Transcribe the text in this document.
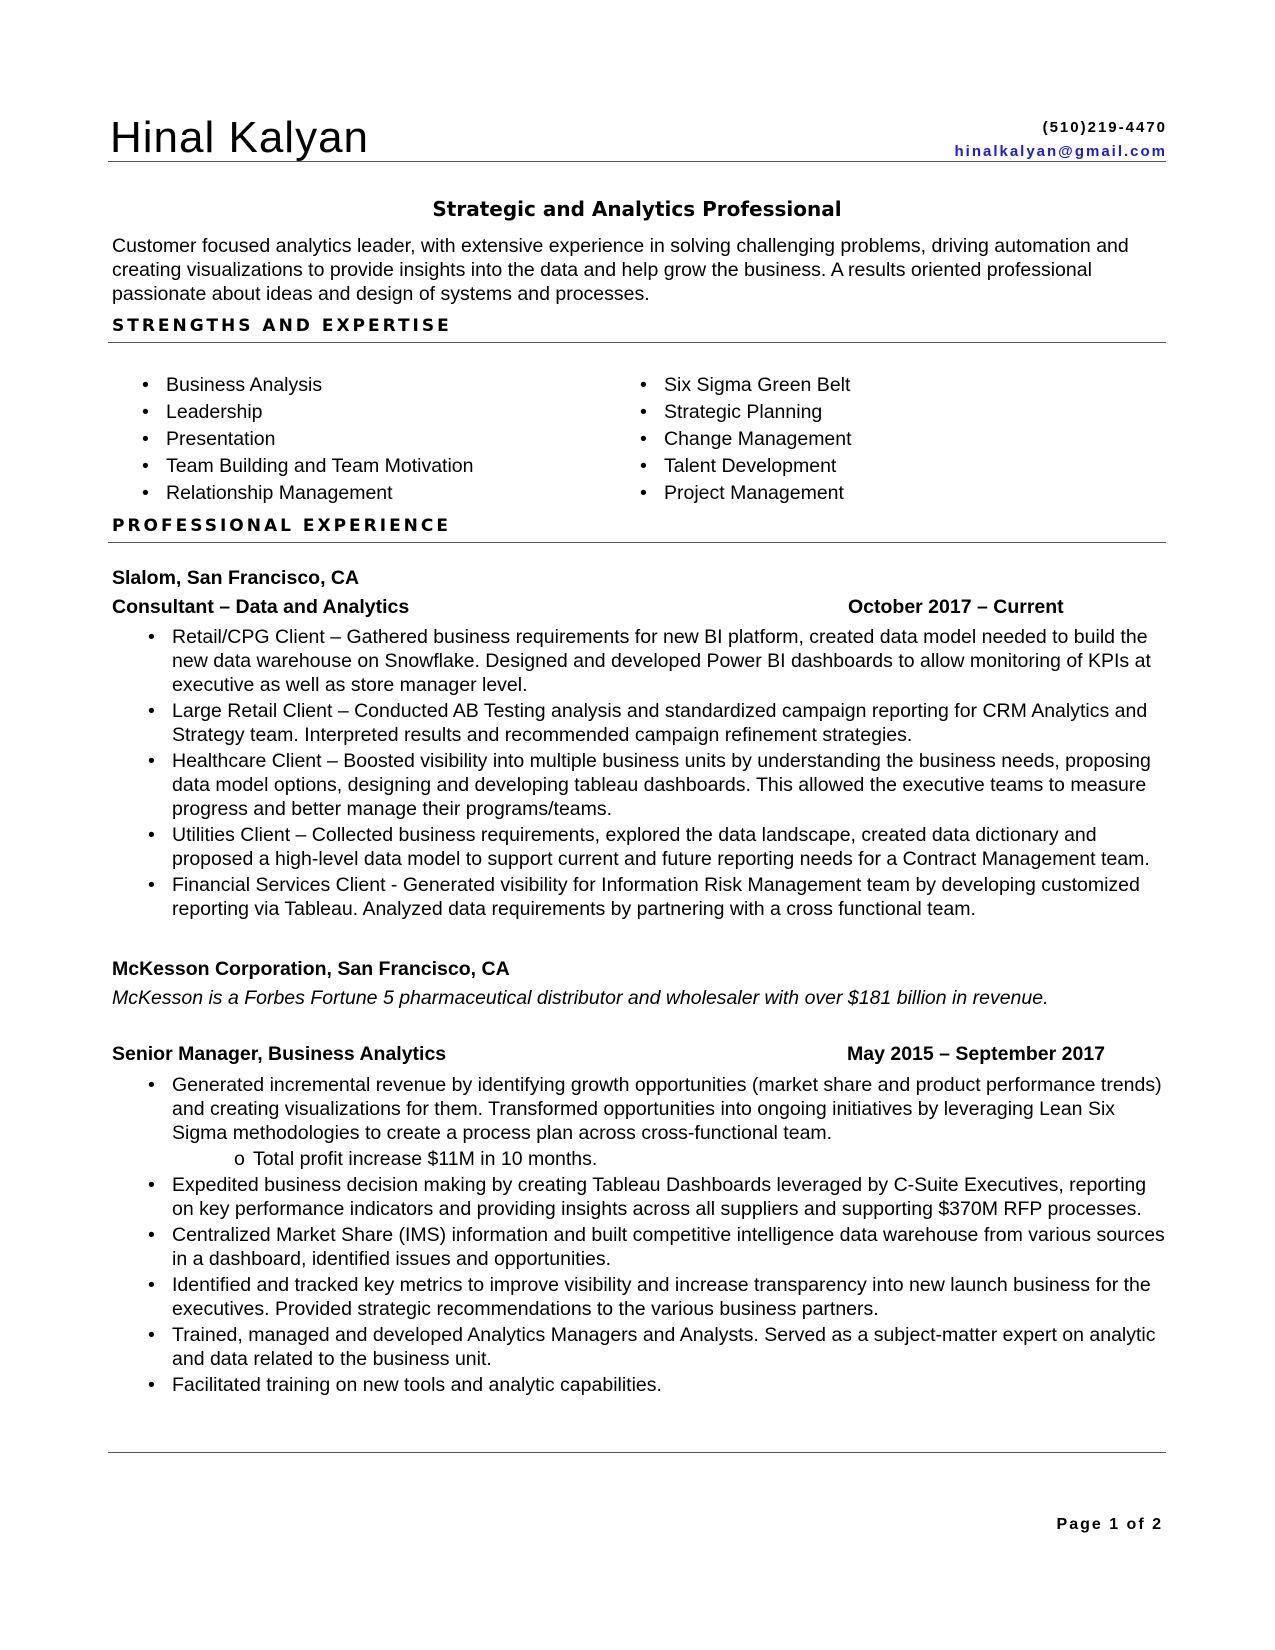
Hinal Kalyan	(510)219-4470
hinalkalyan@gmail.com
Strategic and Analytics Professional
Customer focused analytics leader, with extensive experience in solving challenging problems, driving automation and creating visualizations to provide insights into the data and help grow the business. A results oriented professional passionate about ideas and design of systems and processes.
STRENGTHS AND EXPERTISE
• Business Analysis
• Leadership
• Presentation
• Team Building and Team Motivation
• Relationship Management
• Six Sigma Green Belt
• Strategic Planning
• Change Management
• Talent Development
• Project Management
PROFESSIONAL EXPERIENCE
Slalom, San Francisco, CA
Consultant – Data and Analytics	October 2017 – Current
• Retail/CPG Client – Gathered business requirements for new BI platform, created data model needed to build the new data warehouse on Snowflake. Designed and developed Power BI dashboards to allow monitoring of KPIs at executive as well as store manager level.
• Large Retail Client – Conducted AB Testing analysis and standardized campaign reporting for CRM Analytics and Strategy team. Interpreted results and recommended campaign refinement strategies.
• Healthcare Client – Boosted visibility into multiple business units by understanding the business needs, proposing data model options, designing and developing tableau dashboards. This allowed the executive teams to measure progress and better manage their programs/teams.
• Utilities Client – Collected business requirements, explored the data landscape, created data dictionary and proposed a high-level data model to support current and future reporting needs for a Contract Management team.
• Financial Services Client - Generated visibility for Information Risk Management team by developing customized reporting via Tableau. Analyzed data requirements by partnering with a cross functional team.
McKesson Corporation, San Francisco, CA
McKesson is a Forbes Fortune 5 pharmaceutical distributor and wholesaler with over $181 billion in revenue.
Senior Manager, Business Analytics	May 2015 – September 2017
• Generated incremental revenue by identifying growth opportunities (market share and product performance trends) and creating visualizations for them. Transformed opportunities into ongoing initiatives by leveraging Lean Six Sigma methodologies to create a process plan across cross-functional team.
o Total profit increase $11M in 10 months.
• Expedited business decision making by creating Tableau Dashboards leveraged by C-Suite Executives, reporting on key performance indicators and providing insights across all suppliers and supporting $370M RFP processes.
• Centralized Market Share (IMS) information and built competitive intelligence data warehouse from various sources in a dashboard, identified issues and opportunities.
• Identified and tracked key metrics to improve visibility and increase transparency into new launch business for the executives. Provided strategic recommendations to the various business partners.
• Trained, managed and developed Analytics Managers and Analysts. Served as a subject-matter expert on analytic and data related to the business unit.
• Facilitated training on new tools and analytic capabilities.
Page 1 of 2
